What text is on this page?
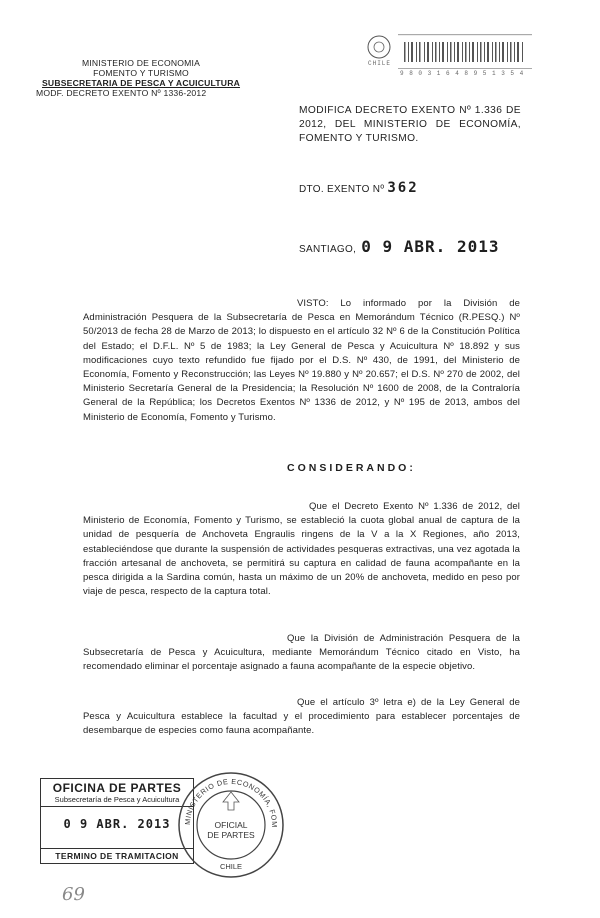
MINISTERIO DE ECONOMIA
FOMENTO Y TURISMO
SUBSECRETARIA DE PESCA Y ACUICULTURA
MODF. DECRETO EXENTO Nº 1336-2012
CHILE
9 8 0 3 1 6 4 8 9 5 1 3 5 4
MODIFICA DECRETO EXENTO Nº 1.336 DE 2012, DEL MINISTERIO DE ECONOMÍA, FOMENTO Y TURISMO.
DTO. EXENTO Nº 362
SANTIAGO, 0 9 ABR. 2013
VISTO: Lo informado por la División de Administración Pesquera de la Subsecretaría de Pesca en Memorándum Técnico (R.PESQ.) Nº 50/2013 de fecha 28 de Marzo de 2013; lo dispuesto en el artículo 32 Nº 6 de la Constitución Política del Estado; el D.F.L. Nº 5 de 1983; la Ley General de Pesca y Acuicultura Nº 18.892 y sus modificaciones cuyo texto refundido fue fijado por el D.S. Nº 430, de 1991, del Ministerio de Economía, Fomento y Reconstrucción; las Leyes Nº 19.880 y Nº 20.657; el D.S. Nº 270 de 2002, del Ministerio Secretaría General de la Presidencia; la Resolución Nº 1600 de 2008, de la Contraloría General de la República; los Decretos Exentos Nº 1336 de 2012, y Nº 195 de 2013, ambos del Ministerio de Economía, Fomento y Turismo.
CONSIDERANDO:
Que el Decreto Exento Nº 1.336 de 2012, del Ministerio de Economía, Fomento y Turismo, se estableció la cuota global anual de captura de la unidad de pesquería de Anchoveta Engraulis ringens de la V a la X Regiones, año 2013, estableciéndose que durante la suspensión de actividades pesqueras extractivas, una vez agotada la fracción artesanal de anchoveta, se permitirá su captura en calidad de fauna acompañante en la pesca dirigida a la Sardina común, hasta un máximo de un 20% de anchoveta, medido en peso por viaje de pesca, respecto de la captura total.
Que la División de Administración Pesquera de la Subsecretaría de Pesca y Acuicultura, mediante Memorándum Técnico citado en Visto, ha recomendado eliminar el porcentaje asignado a fauna acompañante de la especie objetivo.
Que el artículo 3º letra e) de la Ley General de Pesca y Acuicultura establece la facultad y el procedimiento para establecer porcentajes de desembarque de especies como fauna acompañante.
OFICINA DE PARTES
Subsecretaría de Pesca y Acuicultura
0 9 ABR. 2013
TERMINO DE TRAMITACION
MINISTERIO DE ECONOMÍA, FOM
OFICIAL
DE PARTES
CHILE
69
